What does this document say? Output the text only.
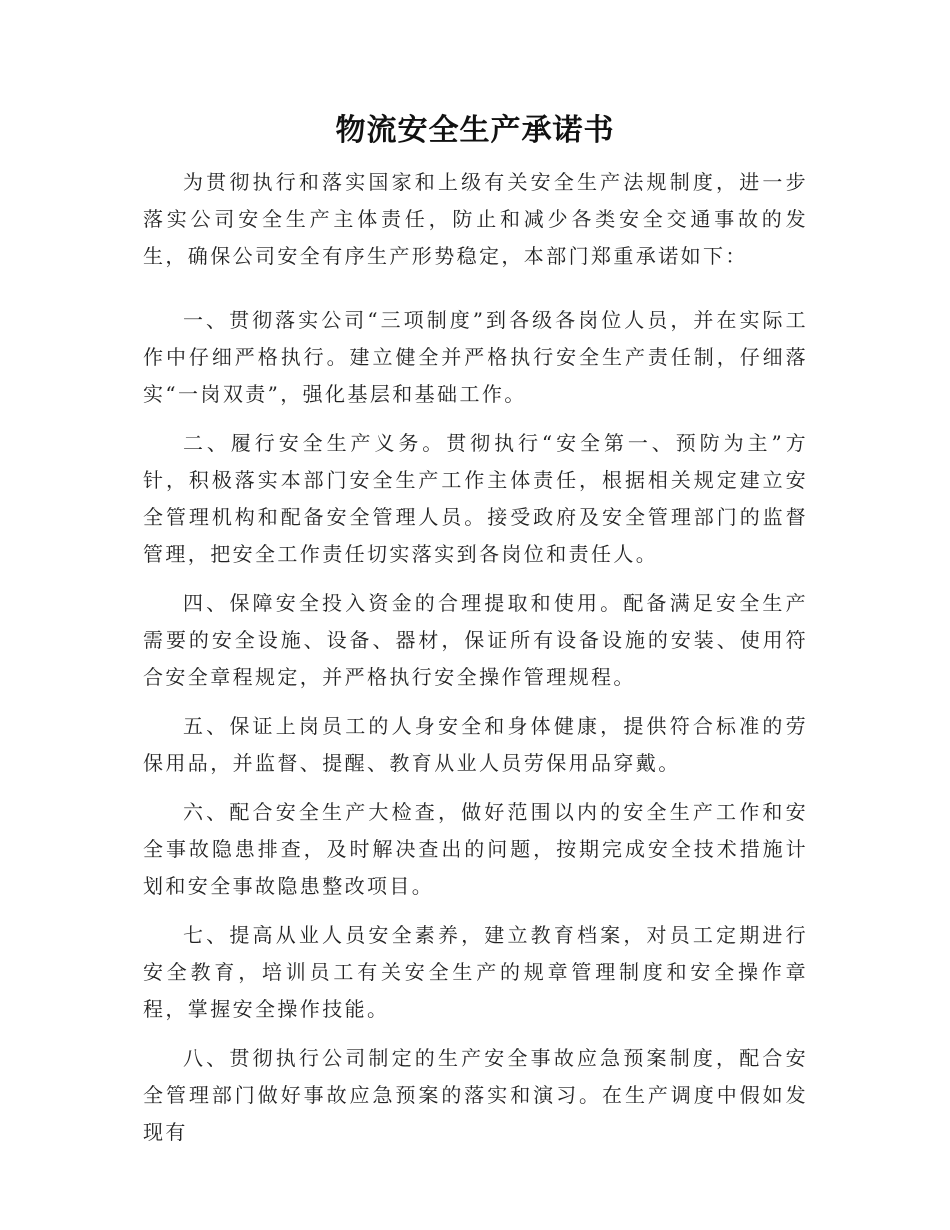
物流安全生产承诺书

为贯彻执行和落实国家和上级有关安全生产法规制度，进一步落实公司安全生产主体责任，防止和减少各类安全交通事故的发生，确保公司安全有序生产形势稳定，本部门郑重承诺如下：

一、贯彻落实公司“三项制度”到各级各岗位人员，并在实际工作中仔细严格执行。建立健全并严格执行安全生产责任制，仔细落实“一岗双责”，强化基层和基础工作。

二、履行安全生产义务。贯彻执行“安全第一、预防为主”方针，积极落实本部门安全生产工作主体责任，根据相关规定建立安全管理机构和配备安全管理人员。接受政府及安全管理部门的监督管理，把安全工作责任切实落实到各岗位和责任人。

四、保障安全投入资金的合理提取和使用。配备满足安全生产需要的安全设施、设备、器材，保证所有设备设施的安装、使用符合安全章程规定，并严格执行安全操作管理规程。

五、保证上岗员工的人身安全和身体健康，提供符合标准的劳保用品，并监督、提醒、教育从业人员劳保用品穿戴。

六、配合安全生产大检查，做好范围以内的安全生产工作和安全事故隐患排查，及时解决查出的问题，按期完成安全技术措施计划和安全事故隐患整改项目。

七、提高从业人员安全素养，建立教育档案，对员工定期进行安全教育，培训员工有关安全生产的规章管理制度和安全操作章程，掌握安全操作技能。

八、贯彻执行公司制定的生产安全事故应急预案制度，配合安全管理部门做好事故应急预案的落实和演习。在生产调度中假如发现有
